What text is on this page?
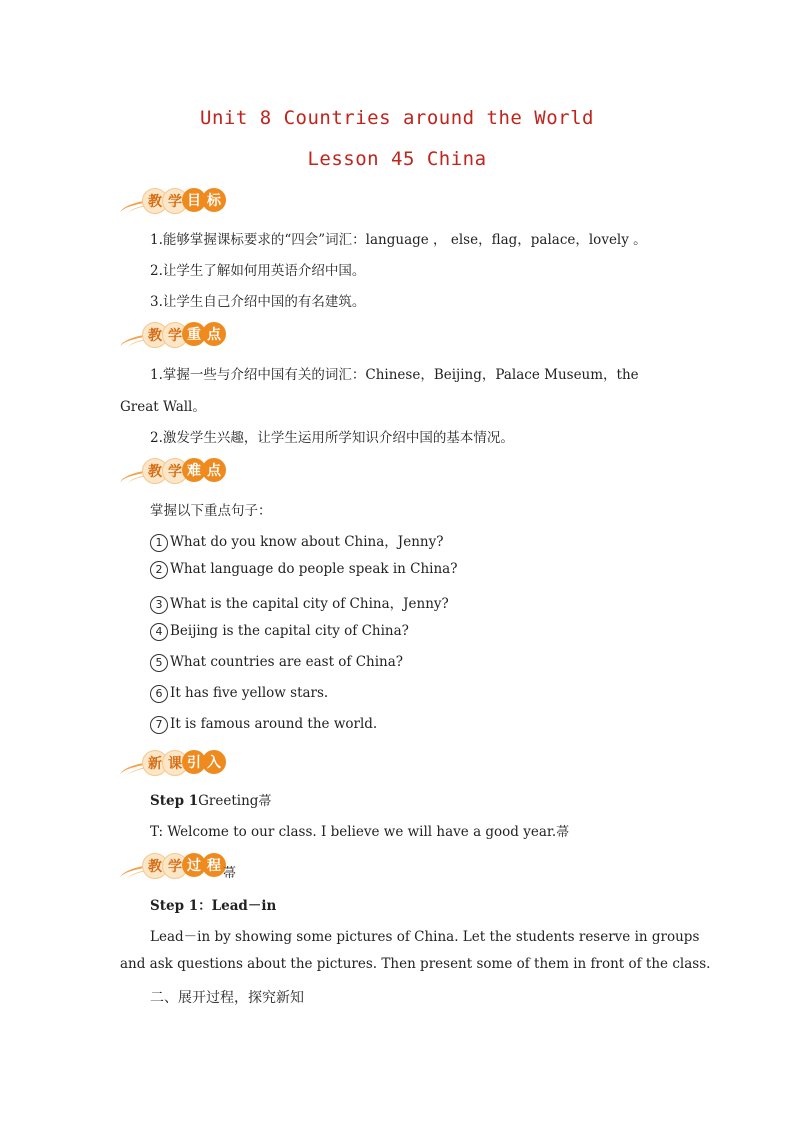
Unit 8 Countries around the World
Lesson 45 China
教 学 目 标
1.能够掌握课标要求的“四会”词汇：language ， else，flag，palace，lovely 。
2.让学生了解如何用英语介绍中国。
3.让学生自己介绍中国的有名建筑。
教 学 重 点
1.掌握一些与介绍中国有关的词汇：Chinese，Beijing，Palace Museum，the
Great Wall。
2.激发学生兴趣，让学生运用所学知识介绍中国的基本情况。
教 学 难 点
掌握以下重点句子：
1 What do you know about China，Jenny?
2 What language do people speak in China?
3 What is the capital city of China，Jenny?
4 Beijing is the capital city of China?
5 What countries are east of China?
6 It has five yellow stars.
7 It is famous around the world.
新 课 引 入
Step 1Greeting菷
T: Welcome to our class. I believe we will have a good year.菷
教 学 过 程 菷
Step 1：Lead－in
Lead－in by showing some pictures of China. Let the students reserve in groups
and ask questions about the pictures. Then present some of them in front of the class.
二、展开过程，探究新知
